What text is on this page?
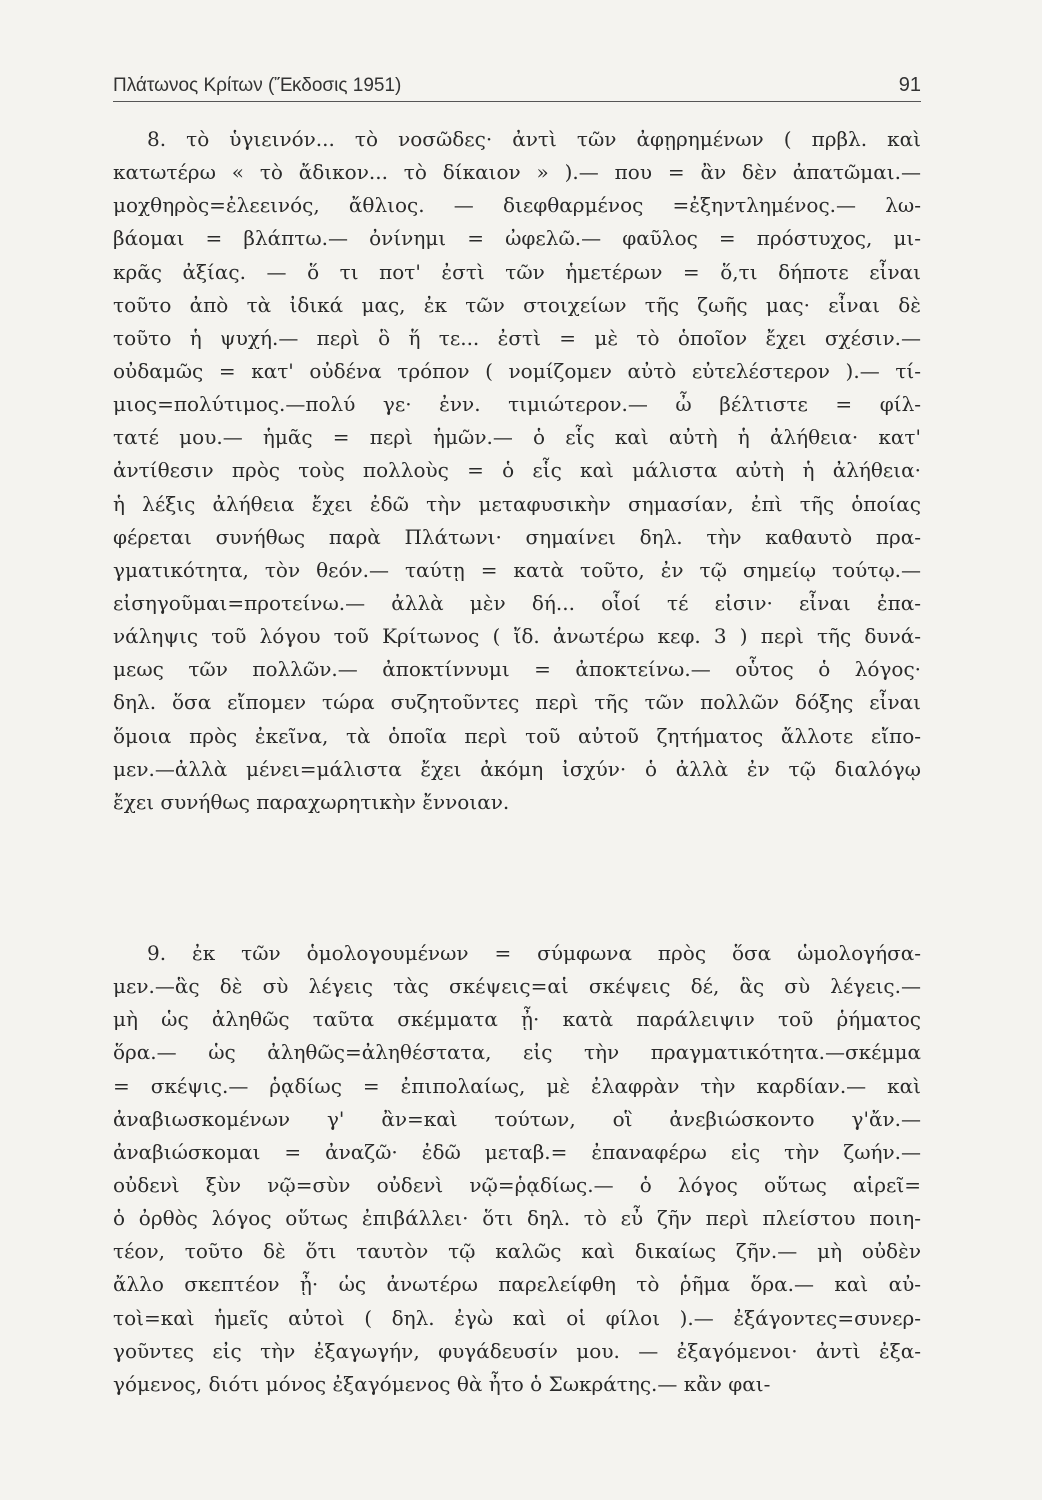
Πλάτωνος Κρίτων (Ἔκδοσις 1951)	91
8. τὸ ὑγιεινόν... τὸ νοσῶδες· ἀντὶ τῶν ἀφῃρημένων ( πρβλ. καὶ
κατωτέρω « τὸ ἄδικον... τὸ δίκαιον » ).— που = ἂν δὲν ἀπατῶμαι.—
μοχθηρὸς=ἐλεεινός, ἄθλιος. — διεφθαρμένος =ἐξηντλημένος.— λω-
βάομαι = βλάπτω.— ὀνίνημι = ὠφελῶ.— φαῦλος = πρόστυχος, μι-
κρᾶς ἀξίας. — ὅ τι ποτ' ἐστὶ τῶν ἡμετέρων = ὅ,τι δήποτε εἶναι
τοῦτο ἀπὸ τὰ ἰδικά μας, ἐκ τῶν στοιχείων τῆς ζωῆς μας· εἶναι δὲ
τοῦτο ἡ ψυχή.— περὶ ὃ ἥ τε... ἐστὶ = μὲ τὸ ὁποῖον ἔχει σχέσιν.—
οὐδαμῶς = κατ' οὐδένα τρόπον ( νομίζομεν αὐτὸ εὐτελέστερον ).— τί-
μιος=πολύτιμος.—πολύ γε· ἐνν. τιμιώτερον.— ὦ βέλτιστε = φίλ-
τατέ μου.— ἡμᾶς = περὶ ἡμῶν.— ὁ εἷς καὶ αὐτὴ ἡ ἀλήθεια· κατ'
ἀντίθεσιν πρὸς τοὺς πολλοὺς = ὁ εἷς καὶ μάλιστα αὐτὴ ἡ ἀλήθεια·
ἡ λέξις ἀλήθεια ἔχει ἐδῶ τὴν μεταφυσικὴν σημασίαν, ἐπὶ τῆς ὁποίας
φέρεται συνήθως παρὰ Πλάτωνι· σημαίνει δηλ. τὴν καθαυτὸ πρα-
γματικότητα, τὸν θεόν.— ταύτῃ = κατὰ τοῦτο, ἐν τῷ σημείῳ τούτῳ.—
εἰσηγοῦμαι=προτείνω.— ἀλλὰ μὲν δή... οἷοί τέ εἰσιν· εἶναι ἐπα-
νάληψις τοῦ λόγου τοῦ Κρίτωνος ( ἴδ. ἀνωτέρω κεφ. 3 ) περὶ τῆς δυνά-
μεως τῶν πολλῶν.— ἀποκτίννυμι = ἀποκτείνω.— οὗτος ὁ λόγος·
δηλ. ὅσα εἴπομεν τώρα συζητοῦντες περὶ τῆς τῶν πολλῶν δόξης εἶναι
ὅμοια πρὸς ἐκεῖνα, τὰ ὁποῖα περὶ τοῦ αὐτοῦ ζητήματος ἄλλοτε εἴπο-
μεν.—ἀλλὰ μένει=μάλιστα ἔχει ἀκόμη ἰσχύν· ὁ ἀλλὰ ἐν τῷ διαλόγῳ
ἔχει συνήθως παραχωρητικὴν ἔννοιαν.
9. ἐκ τῶν ὁμολογουμένων = σύμφωνα πρὸς ὅσα ὡμολογήσα-
μεν.—ἃς δὲ σὺ λέγεις τὰς σκέψεις=αἱ σκέψεις δέ, ἃς σὺ λέγεις.—
μὴ ὡς ἀληθῶς ταῦτα σκέμματα ᾖ· κατὰ παράλειψιν τοῦ ῥήματος
ὅρα.— ὡς ἀληθῶς=ἀληθέστατα, εἰς τὴν πραγματικότητα.—σκέμμα
= σκέψις.— ῥᾳδίως = ἐπιπολαίως, μὲ ἐλαφρὰν τὴν καρδίαν.— καὶ
ἀναβιωσκομένων γ' ἂν=καὶ τούτων, οἳ ἀνεβιώσκοντο γ'ἄν.—
ἀναβιώσκομαι = ἀναζῶ· ἐδῶ μεταβ.= ἐπαναφέρω εἰς τὴν ζωήν.—
οὐδενὶ ξὺν νῷ=σὺν οὐδενὶ νῷ=ῥᾳδίως.— ὁ λόγος οὕτως αἱρεῖ=
ὁ ὀρθὸς λόγος οὕτως ἐπιβάλλει· ὅτι δηλ. τὸ εὖ ζῆν περὶ πλείστου ποιη-
τέον, τοῦτο δὲ ὅτι ταυτὸν τῷ καλῶς καὶ δικαίως ζῆν.— μὴ οὐδὲν
ἄλλο σκεπτέον ᾖ· ὡς ἀνωτέρω παρελείφθη τὸ ῥῆμα ὅρα.— καὶ αὐ-
τοὶ=καὶ ἡμεῖς αὐτοὶ ( δηλ. ἐγὼ καὶ οἱ φίλοι ).— ἐξάγοντες=συνερ-
γοῦντες εἰς τὴν ἐξαγωγήν, φυγάδευσίν μου. — ἐξαγόμενοι· ἀντὶ ἐξα-
γόμενος, διότι μόνος ἐξαγόμενος θὰ ἦτο ὁ Σωκράτης.— κἂν φαι-
